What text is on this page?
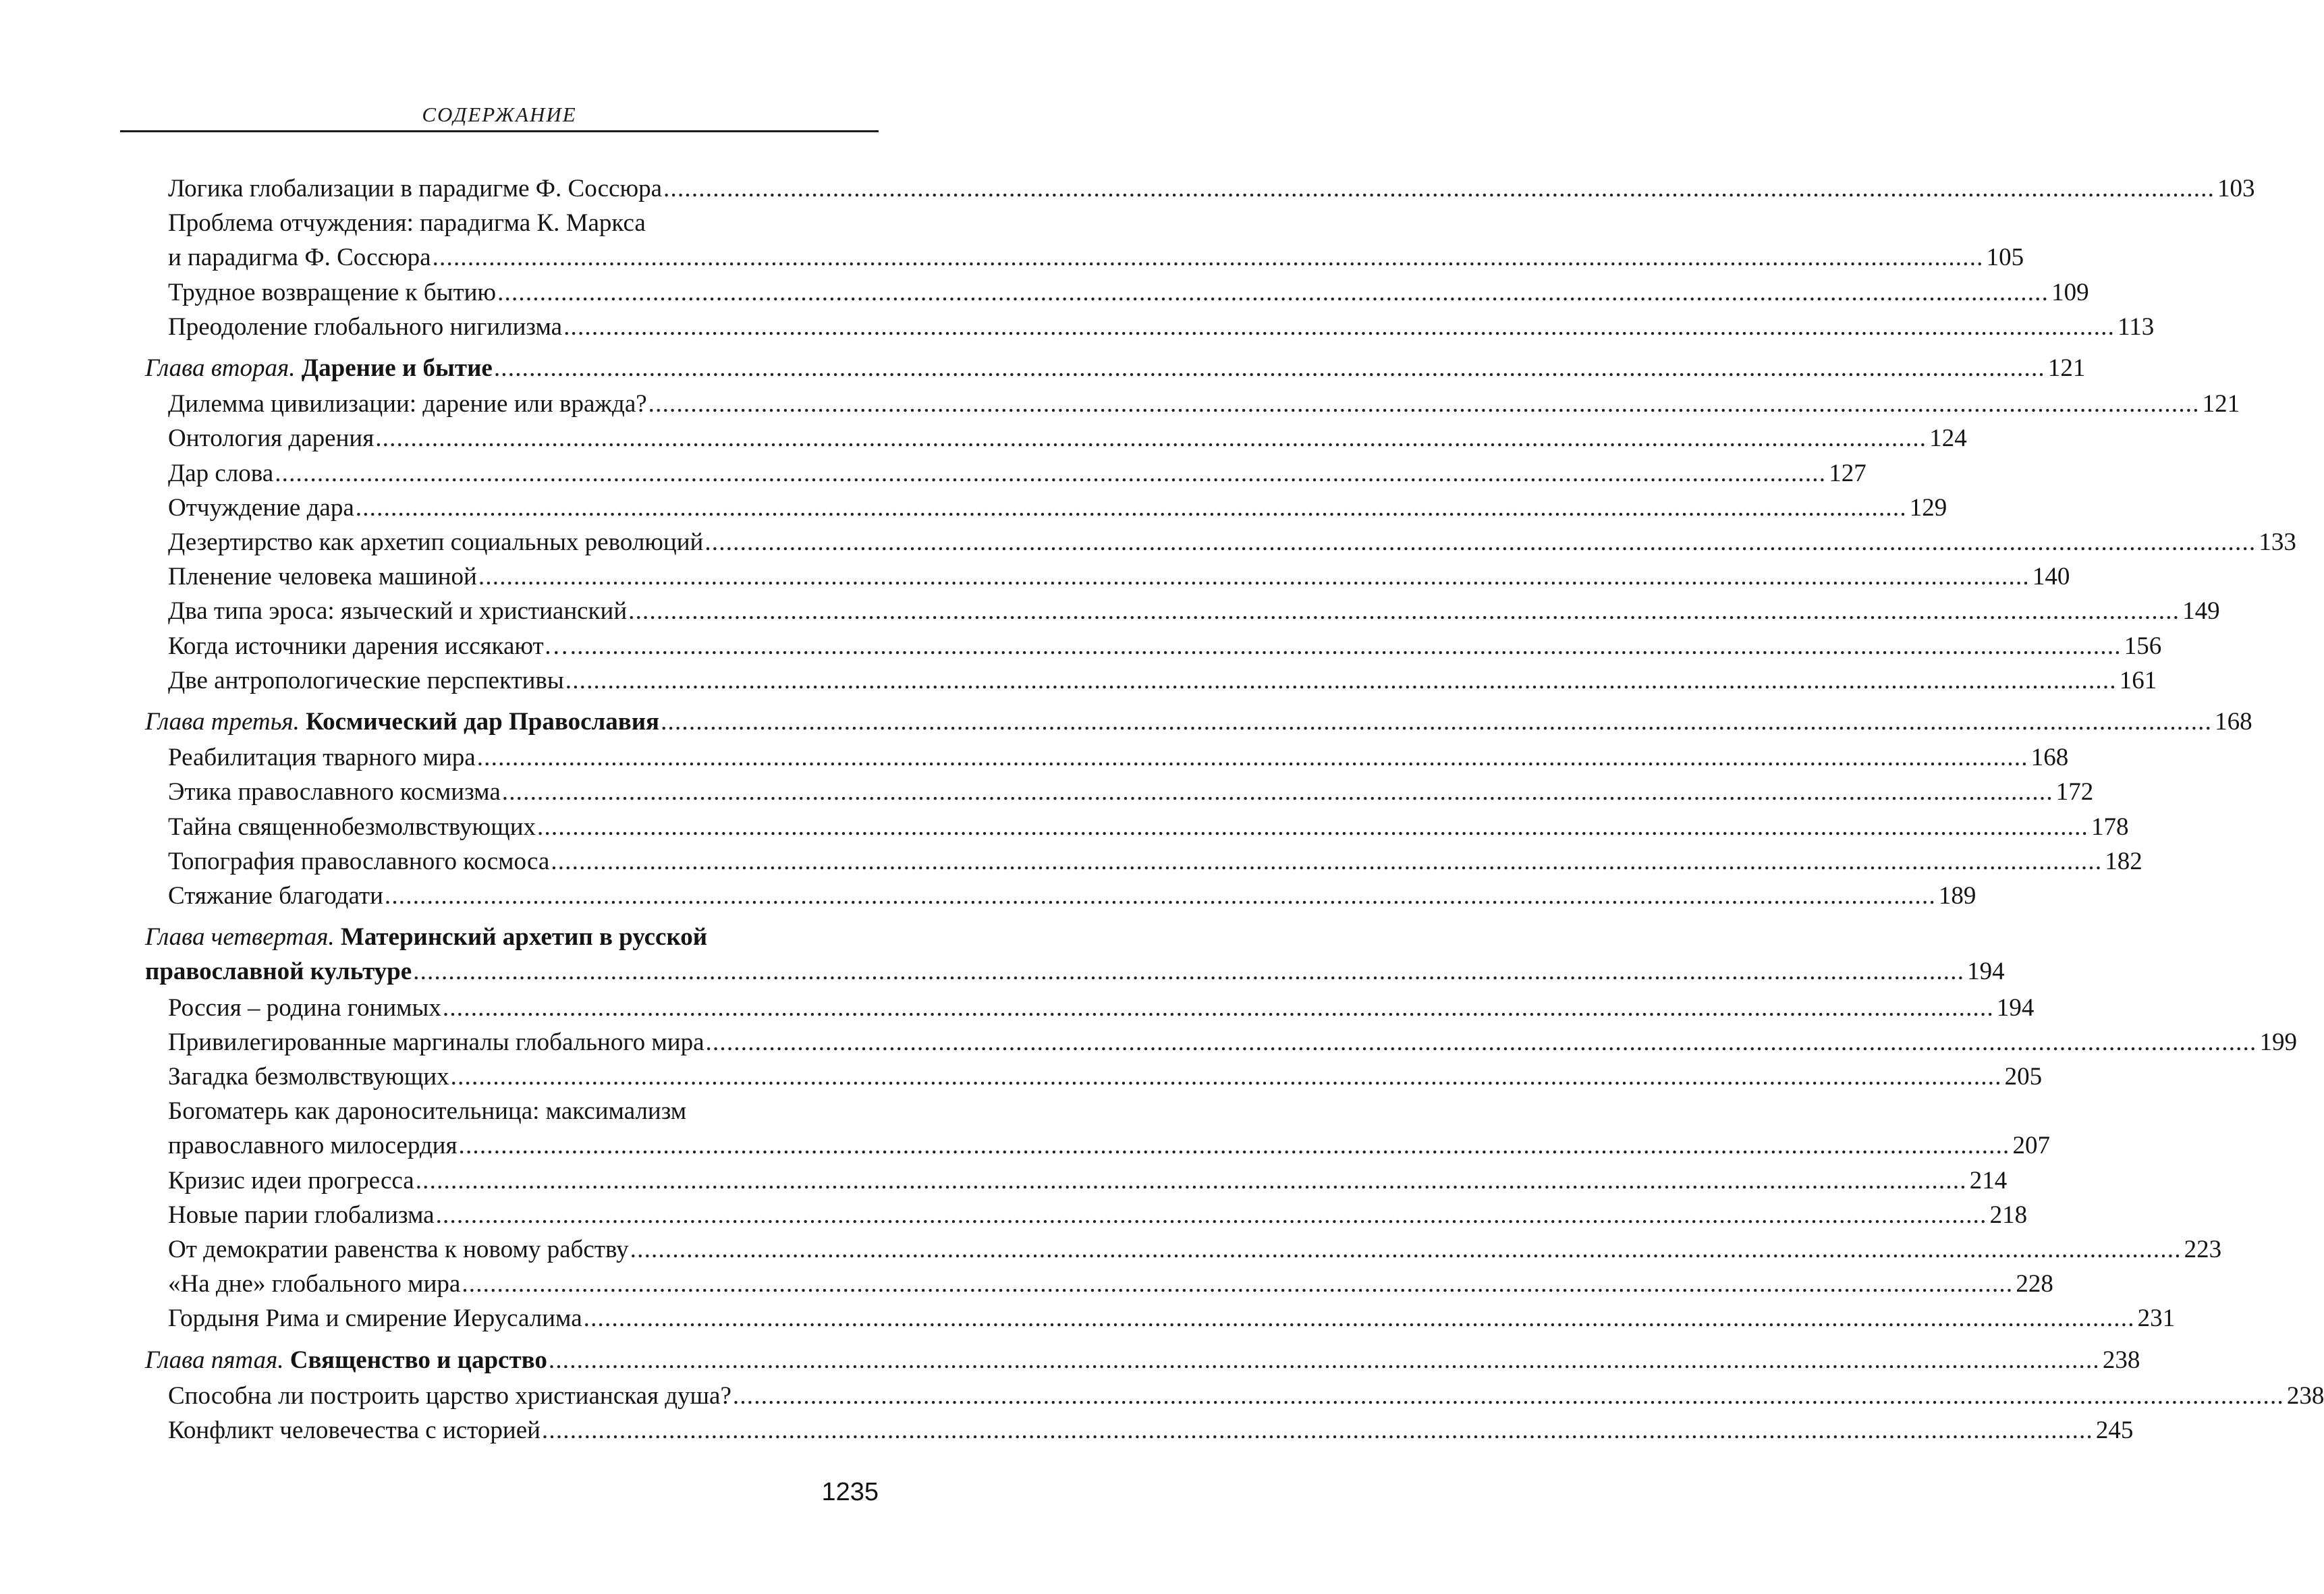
СОДЕРЖАНИЕ
Логика глобализации в парадигме Ф. Соссюра ............................................................................................................................................................................................................................ 103
Проблема отчуждения: парадигма К. Маркса
и парадигма Ф. Соссюра ............................................................................................................................................................................................................................ 105
Трудное возвращение к бытию ............................................................................................................................................................................................................................ 109
Преодоление глобального нигилизма ............................................................................................................................................................................................................................ 113
Глава вторая. Дарение и бытие ............................................................................................................................................................................................................................ 121
Дилемма цивилизации: дарение или вражда? ............................................................................................................................................................................................................................ 121
Онтология дарения ............................................................................................................................................................................................................................ 124
Дар слова ............................................................................................................................................................................................................................ 127
Отчуждение дара ............................................................................................................................................................................................................................ 129
Дезертирство как архетип социальных революций ............................................................................................................................................................................................................................ 133
Пленение человека машиной ............................................................................................................................................................................................................................ 140
Два типа эроса: языческий и христианский ............................................................................................................................................................................................................................ 149
Когда источники дарения иссякают… ............................................................................................................................................................................................................................ 156
Две антропологические перспективы ............................................................................................................................................................................................................................ 161
Глава третья. Космический дар Православия ............................................................................................................................................................................................................................ 168
Реабилитация тварного мира ............................................................................................................................................................................................................................ 168
Этика православного космизма ............................................................................................................................................................................................................................ 172
Тайна священнобезмолвствующих ............................................................................................................................................................................................................................ 178
Топография православного космоса ............................................................................................................................................................................................................................ 182
Стяжание благодати ............................................................................................................................................................................................................................ 189
Глава четвертая. Материнский архетип в русской
православной культуре ............................................................................................................................................................................................................................ 194
Россия – родина гонимых ............................................................................................................................................................................................................................ 194
Привилегированные маргиналы глобального мира ............................................................................................................................................................................................................................ 199
Загадка безмолвствующих ............................................................................................................................................................................................................................ 205
Богоматерь как дароносительница: максимализм
православного милосердия ............................................................................................................................................................................................................................ 207
Кризис идеи прогресса ............................................................................................................................................................................................................................ 214
Новые парии глобализма ............................................................................................................................................................................................................................ 218
От демократии равенства к новому рабству ............................................................................................................................................................................................................................ 223
«На дне» глобального мира ............................................................................................................................................................................................................................ 228
Гордыня Рима и смирение Иерусалима ............................................................................................................................................................................................................................ 231
Глава пятая. Священство и царство ............................................................................................................................................................................................................................ 238
Способна ли построить царство христианская душа? ............................................................................................................................................................................................................................ 238
Конфликт человечества с историей ............................................................................................................................................................................................................................ 245
1235
